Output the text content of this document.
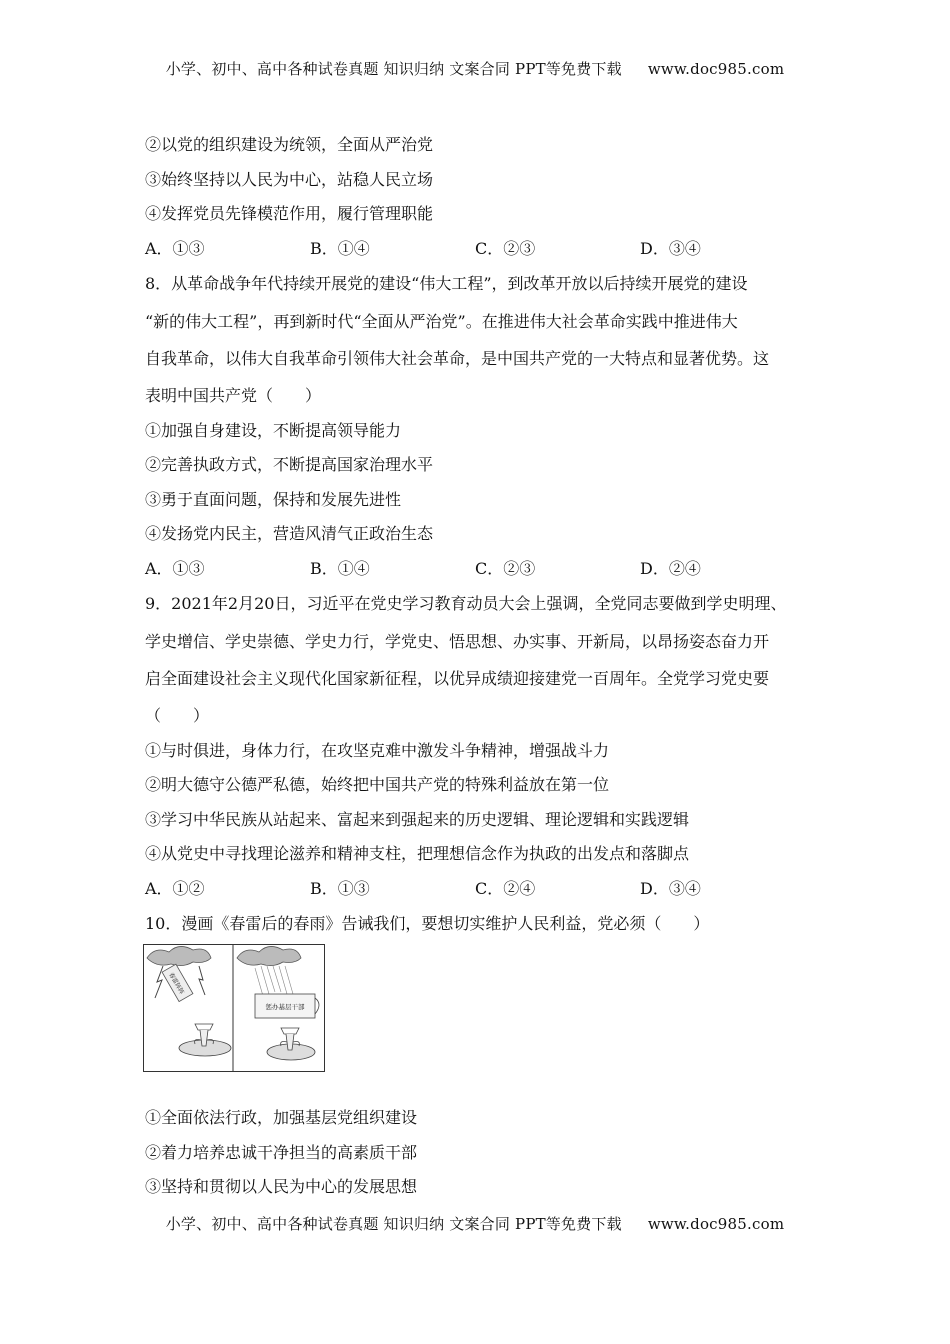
小学、初中、高中各种试卷真题 知识归纳 文案合同 PPT等免费下载 www.doc985.com
②以党的组织建设为统领，全面从严治党
③始终坚持以人民为中心，站稳人民立场
④发挥党员先锋模范作用，履行管理职能
A．①③	B．①④	C．②③	D．③④
8．从革命战争年代持续开展党的建设“伟大工程”，到改革开放以后持续开展党的建设
“新的伟大工程”，再到新时代“全面从严治党”。在推进伟大社会革命实践中推进伟大
自我革命，以伟大自我革命引领伟大社会革命，是中国共产党的一大特点和显著优势。这
表明中国共产党（　　）
①加强自身建设，不断提高领导能力
②完善执政方式，不断提高国家治理水平
③勇于直面问题，保持和发展先进性
④发扬党内民主，营造风清气正政治生态
A．①③	B．①④	C．②③	D．②④
9．2021年2月20日，习近平在党史学习教育动员大会上强调，全党同志要做到学史明理、
学史增信、学史崇德、学史力行，学党史、悟思想、办实事、开新局，以昂扬姿态奋力开
启全面建设社会主义现代化国家新征程，以优异成绩迎接建党一百周年。全党学习党史要
（　　）
①与时俱进，身体力行，在攻坚克难中激发斗争精神，增强战斗力
②明大德守公德严私德，始终把中国共产党的特殊利益放在第一位
③学习中华民族从站起来、富起来到强起来的历史逻辑、理论逻辑和实践逻辑
④从党史中寻找理论滋养和精神支柱，把理想信念作为执政的出发点和落脚点
A．①②	B．①③	C．②④	D．③④
10．漫画《春雷后的春雨》告诫我们，要想切实维护人民利益，党必须（　　）
春雷阵阵
惩办基层干部
①全面依法行政，加强基层党组织建设
②着力培养忠诚干净担当的高素质干部
③坚持和贯彻以人民为中心的发展思想
小学、初中、高中各种试卷真题 知识归纳 文案合同 PPT等免费下载 www.doc985.com
